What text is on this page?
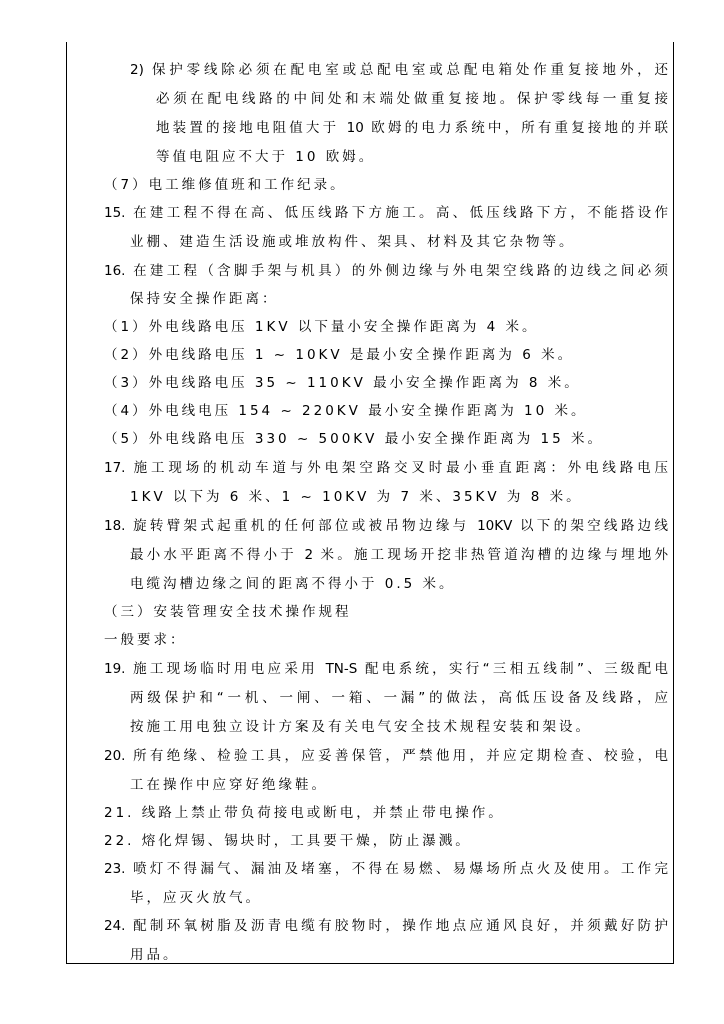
2) 保护零线除必须在配电室或总配电室或总配电箱处作重复接地外，还
必须在配电线路的中间处和末端处做重复接地。保护零线每一重复接
地装置的接地电阻值大于 10 欧姆的电力系统中，所有重复接地的并联
等值电阻应不大于 10 欧姆。
（7）电工维修值班和工作纪录。
15. 在建工程不得在高、低压线路下方施工。高、低压线路下方，不能搭设作
业棚、建造生活设施或堆放构件、架具、材料及其它杂物等。
16. 在建工程（含脚手架与机具）的外侧边缘与外电架空线路的边线之间必须
保持安全操作距离：
（1）外电线路电压 1KV 以下量小安全操作距离为 4 米。
（2）外电线路电压 1 ~ 10KV 是最小安全操作距离为 6 米。
（3）外电线路电压 35 ~ 110KV 最小安全操作距离为 8 米。
（4）外电线电压 154 ~ 220KV 最小安全操作距离为 10 米。
（5）外电线路电压 330 ~ 500KV 最小安全操作距离为 15 米。
17. 施工现场的机动车道与外电架空路交叉时最小垂直距离：外电线路电压
1KV 以下为 6 米、1 ~ 10KV 为 7 米、35KV 为 8 米。
18. 旋转臂架式起重机的任何部位或被吊物边缘与 10KV 以下的架空线路边线
最小水平距离不得小于 2 米。施工现场开挖非热管道沟槽的边缘与埋地外
电缆沟槽边缘之间的距离不得小于 0.5 米。
（三）安装管理安全技术操作规程
一般要求：
19. 施工现场临时用电应采用 TN-S 配电系统，实行“三相五线制”、三级配电
两级保护和“一机、一闸、一箱、一漏”的做法，高低压设备及线路，应
按施工用电独立设计方案及有关电气安全技术规程安装和架设。
20. 所有绝缘、检验工具，应妥善保管，严禁他用，并应定期检查、校验，电
工在操作中应穿好绝缘鞋。
21. 线路上禁止带负荷接电或断电，并禁止带电操作。
22. 熔化焊锡、锡块时，工具要干燥，防止瀑溅。
23. 喷灯不得漏气、漏油及堵塞，不得在易燃、易爆场所点火及使用。工作完
毕，应灭火放气。
24. 配制环氧树脂及沥青电缆有胶物时，操作地点应通风良好，并须戴好防护
用品。
